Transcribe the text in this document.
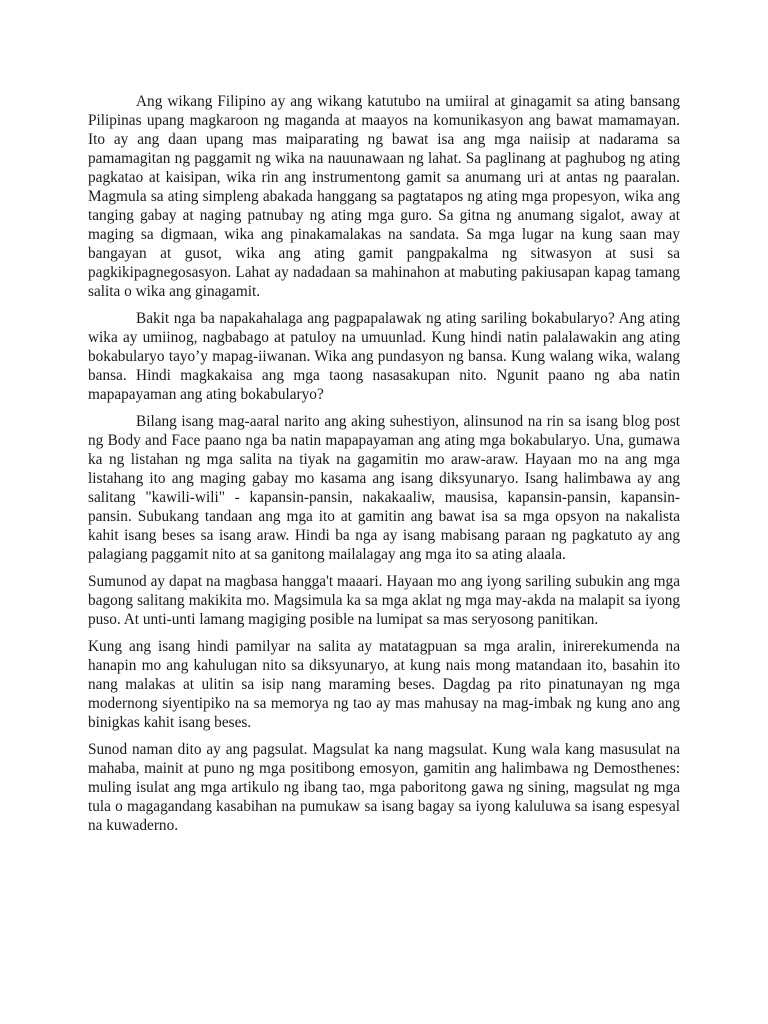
Ang wikang Filipino ay ang wikang katutubo na umiiral at ginagamit sa ating bansang Pilipinas upang magkaroon ng maganda at maayos na komunikasyon ang bawat mamamayan. Ito ay ang daan upang mas maiparating ng bawat isa ang mga naiisip at nadarama sa pamamagitan ng paggamit ng wika na nauunawaan ng lahat. Sa paglinang at paghubog ng ating pagkatao at kaisipan, wika rin ang instrumentong gamit sa anumang uri at antas ng paaralan. Magmula sa ating simpleng abakada hanggang sa pagtatapos ng ating mga propesyon, wika ang tanging gabay at naging patnubay ng ating mga guro. Sa gitna ng anumang sigalot, away at maging sa digmaan, wika ang pinakamalakas na sandata. Sa mga lugar na kung saan may bangayan at gusot, wika ang ating gamit pangpakalma ng sitwasyon at susi sa pagkikipagnegosasyon. Lahat ay nadadaan sa mahinahon at mabuting pakiusapan kapag tamang salita o wika ang ginagamit.

Bakit nga ba napakahalaga ang pagpapalawak ng ating sariling bokabularyo? Ang ating wika ay umiinog, nagbabago at patuloy na umuunlad. Kung hindi natin palalawakin ang ating bokabularyo tayo’y mapag-iiwanan. Wika ang pundasyon ng bansa. Kung walang wika, walang bansa. Hindi magkakaisa ang mga taong nasasakupan nito. Ngunit paano ng aba natin mapapayaman ang ating bokabularyo?

Bilang isang mag-aaral narito ang aking suhestiyon, alinsunod na rin sa isang blog post ng Body and Face paano nga ba natin mapapayaman ang ating mga bokabularyo. Una, gumawa ka ng listahan ng mga salita na tiyak na gagamitin mo araw-araw. Hayaan mo na ang mga listahang ito ang maging gabay mo kasama ang isang diksyunaryo. Isang halimbawa ay ang salitang "kawili-wili" - kapansin-pansin, nakakaaliw, mausisa, kapansin-pansin, kapansin-pansin. Subukang tandaan ang mga ito at gamitin ang bawat isa sa mga opsyon na nakalista kahit isang beses sa isang araw. Hindi ba nga ay isang mabisang paraan ng pagkatuto ay ang palagiang paggamit nito at sa ganitong mailalagay ang mga ito sa ating alaala.

Sumunod ay dapat na magbasa hangga't maaari. Hayaan mo ang iyong sariling subukin ang mga bagong salitang makikita mo. Magsimula ka sa mga aklat ng mga may-akda na malapit sa iyong puso. At unti-unti lamang magiging posible na lumipat sa mas seryosong panitikan.

Kung ang isang hindi pamilyar na salita ay matatagpuan sa mga aralin, inirerekumenda na hanapin mo ang kahulugan nito sa diksyunaryo, at kung nais mong matandaan ito, basahin ito nang malakas at ulitin sa isip nang maraming beses. Dagdag pa rito pinatunayan ng mga modernong siyentipiko na sa memorya ng tao ay mas mahusay na mag-imbak ng kung ano ang binigkas kahit isang beses.

Sunod naman dito ay ang pagsulat. Magsulat ka nang magsulat. Kung wala kang masusulat na mahaba, mainit at puno ng mga positibong emosyon, gamitin ang halimbawa ng Demosthenes: muling isulat ang mga artikulo ng ibang tao, mga paboritong gawa ng sining, magsulat ng mga tula o magagandang kasabihan na pumukaw sa isang bagay sa iyong kaluluwa sa isang espesyal na kuwaderno.
